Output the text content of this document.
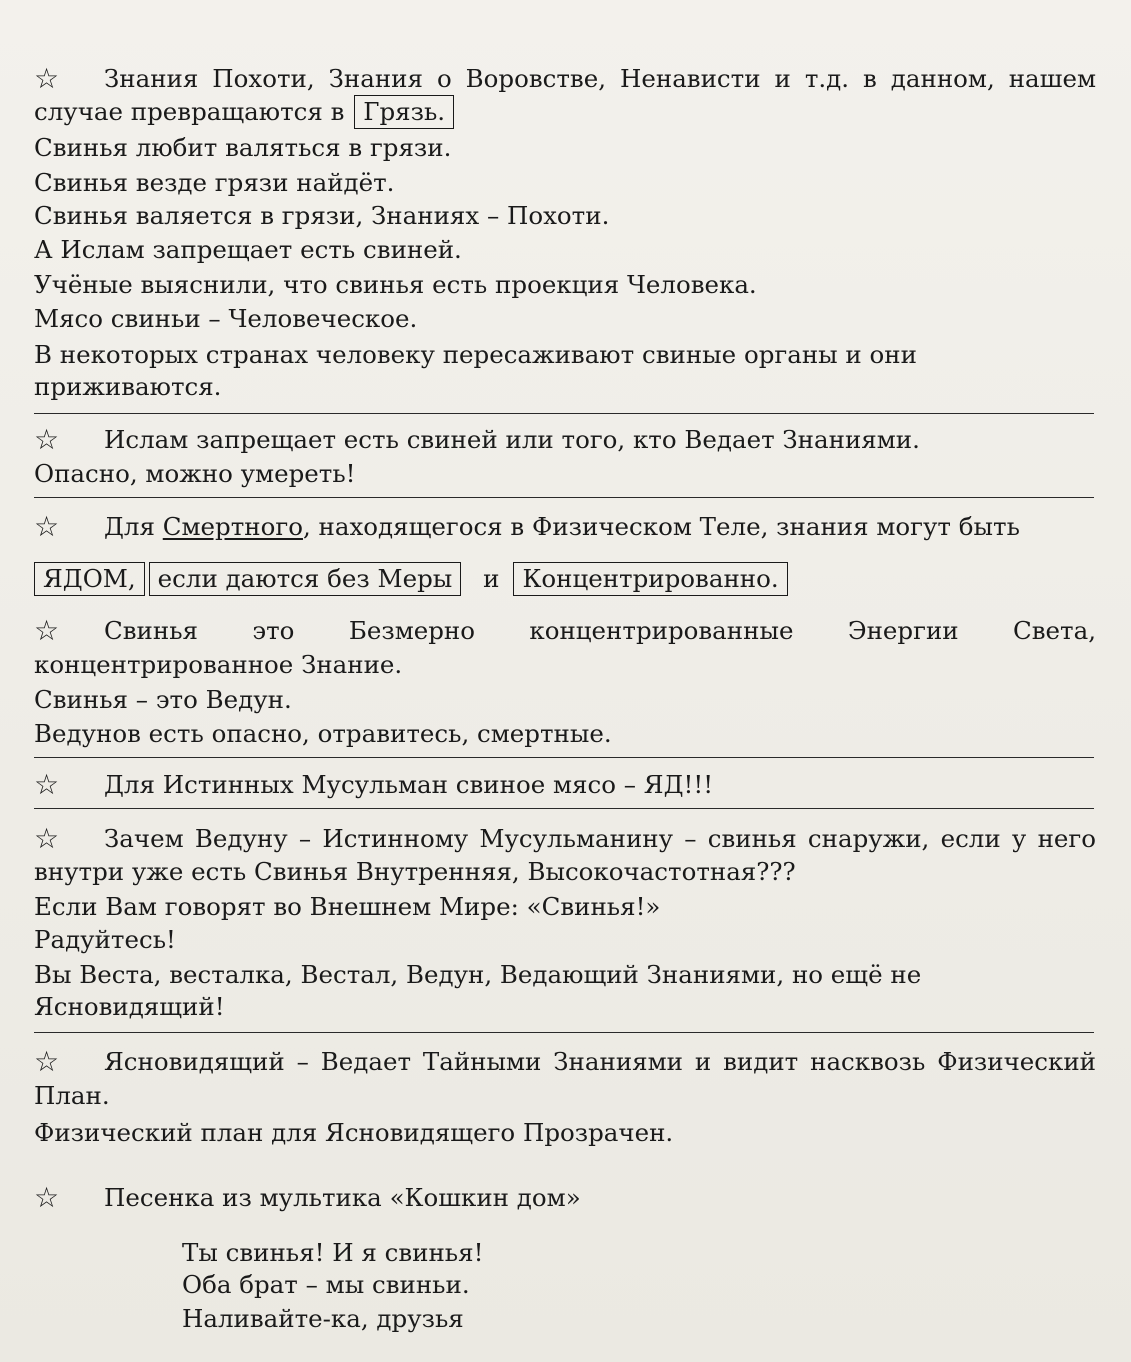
☆ Знания Похоти, Знания о Воровстве, Ненависти и т.д. в данном, нашем
случае превращаются в Грязь.
Свинья любит валяться в грязи.
Свинья везде грязи найдёт.
Свинья валяется в грязи, Знаниях – Похоти.
А Ислам запрещает есть свиней.
Учёные выяснили, что свинья есть проекция Человека.
Мясо свиньи – Человеческое.
В некоторых странах человеку пересаживают свиные органы и они
приживаются.
☆ Ислам запрещает есть свиней или того, кто Ведает Знаниями.
Опасно, можно умереть!
☆ Для Смертного, находящегося в Физическом Теле, знания могут быть
ЯДОМ, если даются без Меры и Концентрированно.
☆ Свинья это Безмерно концентрированные Энергии Света,
концентрированное Знание.
Свинья – это Ведун.
Ведунов есть опасно, отравитесь, смертные.
☆ Для Истинных Мусульман свиное мясо – ЯД!!!
☆ Зачем Ведуну – Истинному Мусульманину – свинья снаружи, если у него
внутри уже есть Свинья Внутренняя, Высокочастотная???
Если Вам говорят во Внешнем Мире: «Свинья!»
Радуйтесь!
Вы Веста, весталка, Вестал, Ведун, Ведающий Знаниями, но ещё не
Ясновидящий!
☆ Ясновидящий – Ведает Тайными Знаниями и видит насквозь Физический
План.
Физический план для Ясновидящего Прозрачен.
☆ Песенка из мультика «Кошкин дом»
Ты свинья! И я свинья!
Оба брат – мы свиньи.
Наливайте-ка, друзья
